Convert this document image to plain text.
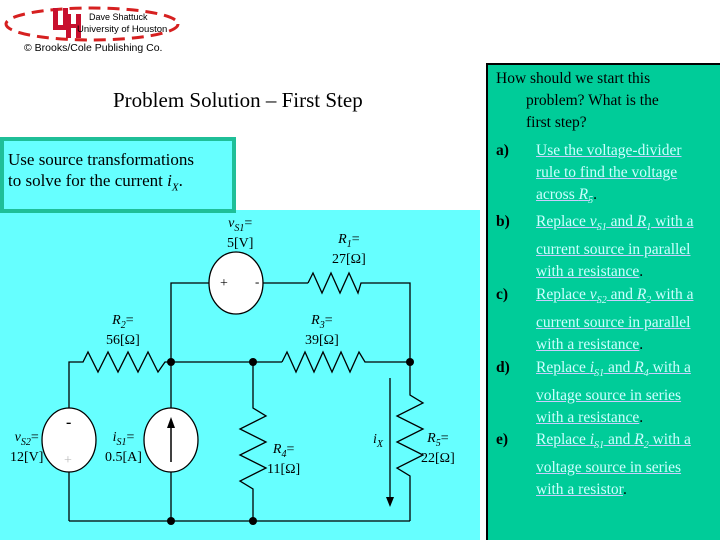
Dave Shattuck
University of Houston
© Brooks/Cole Publishing Co.
Problem Solution – First Step
+ -
-
+
$v_{S1}=$
5[V]	$R_1=$
27[Ω]
$R_2=$
56[Ω]
$R_3=$
39[Ω]
$R_4=$
11[Ω]
$R_5=$
22[Ω]
$v_{S2}=$
12[V]
$i_{S1}=$
0.5[A]
$i_X$
Use source transformations
to solve for the current $i_X$.
How should we start this
problem? What is the
first step?
a) Use the voltage-divider
rule to find the voltage
across $R_5$.
b) Replace $v_{S1}$ and $R_1$ with a
current source in parallel
with a resistance.
c) Replace $v_{S2}$ and $R_2$ with a
current source in parallel
with a resistance.
d) Replace $i_{S1}$ and $R_4$ with a
voltage source in series
with a resistance.
e) Replace $i_{S1}$ and $R_2$ with a
voltage source in series
with a resistor.
